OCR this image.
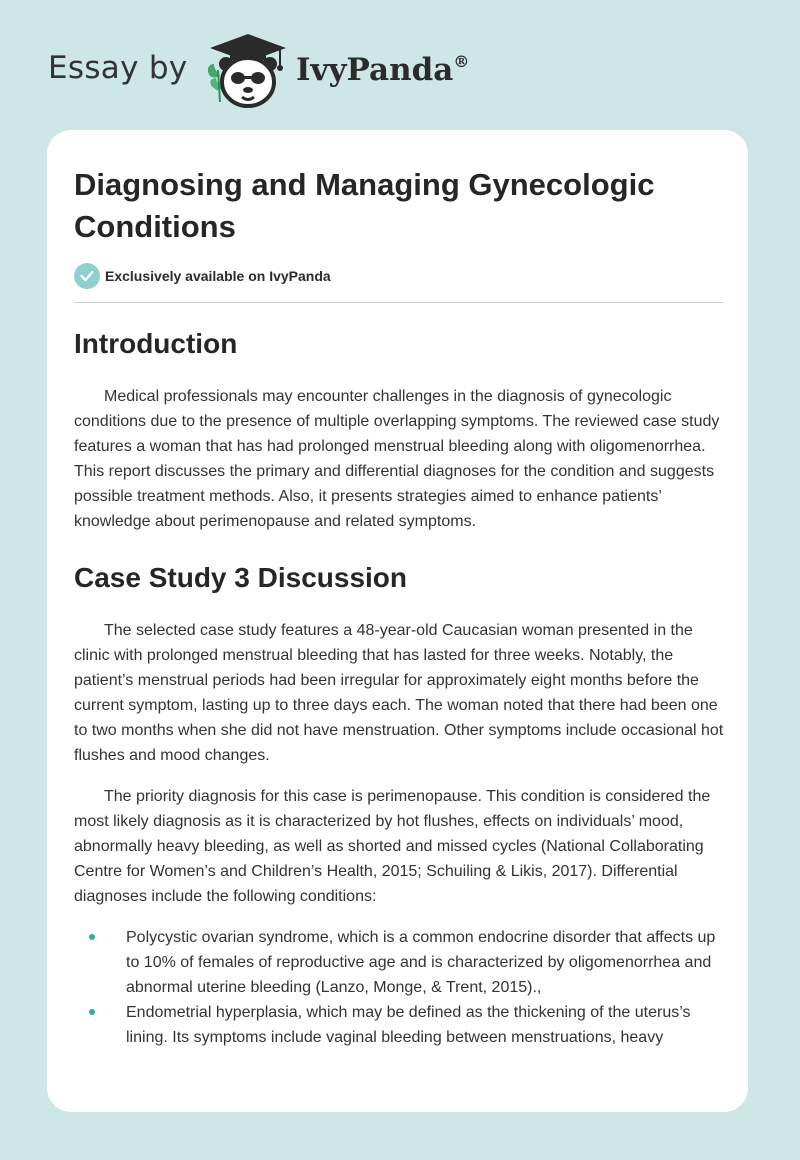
Essay by	IvyPanda®
Diagnosing and Managing Gynecologic Conditions
Exclusively available on IvyPanda
Introduction

Medical professionals may encounter challenges in the diagnosis of gynecologic conditions due to the presence of multiple overlapping symptoms. The reviewed case study features a woman that has had prolonged menstrual bleeding along with oligomenorrhea. This report discusses the primary and differential diagnoses for the condition and suggests possible treatment methods. Also, it presents strategies aimed to enhance patients’ knowledge about perimenopause and related symptoms.

Case Study 3 Discussion

The selected case study features a 48-year-old Caucasian woman presented in the clinic with prolonged menstrual bleeding that has lasted for three weeks. Notably, the patient’s menstrual periods had been irregular for approximately eight months before the current symptom, lasting up to three days each. The woman noted that there had been one to two months when she did not have menstruation. Other symptoms include occasional hot flushes and mood changes.

The priority diagnosis for this case is perimenopause. This condition is considered the most likely diagnosis as it is characterized by hot flushes, effects on individuals’ mood, abnormally heavy bleeding, as well as shorted and missed cycles (National Collaborating Centre for Women’s and Children’s Health, 2015; Schuiling & Likis, 2017). Differential diagnoses include the following conditions:

Polycystic ovarian syndrome, which is a common endocrine disorder that affects up to 10% of females of reproductive age and is characterized by oligomenorrhea and abnormal uterine bleeding (Lanzo, Monge, & Trent, 2015).,
Endometrial hyperplasia, which may be defined as the thickening of the uterus’s lining. Its symptoms include vaginal bleeding between menstruations, heavy
